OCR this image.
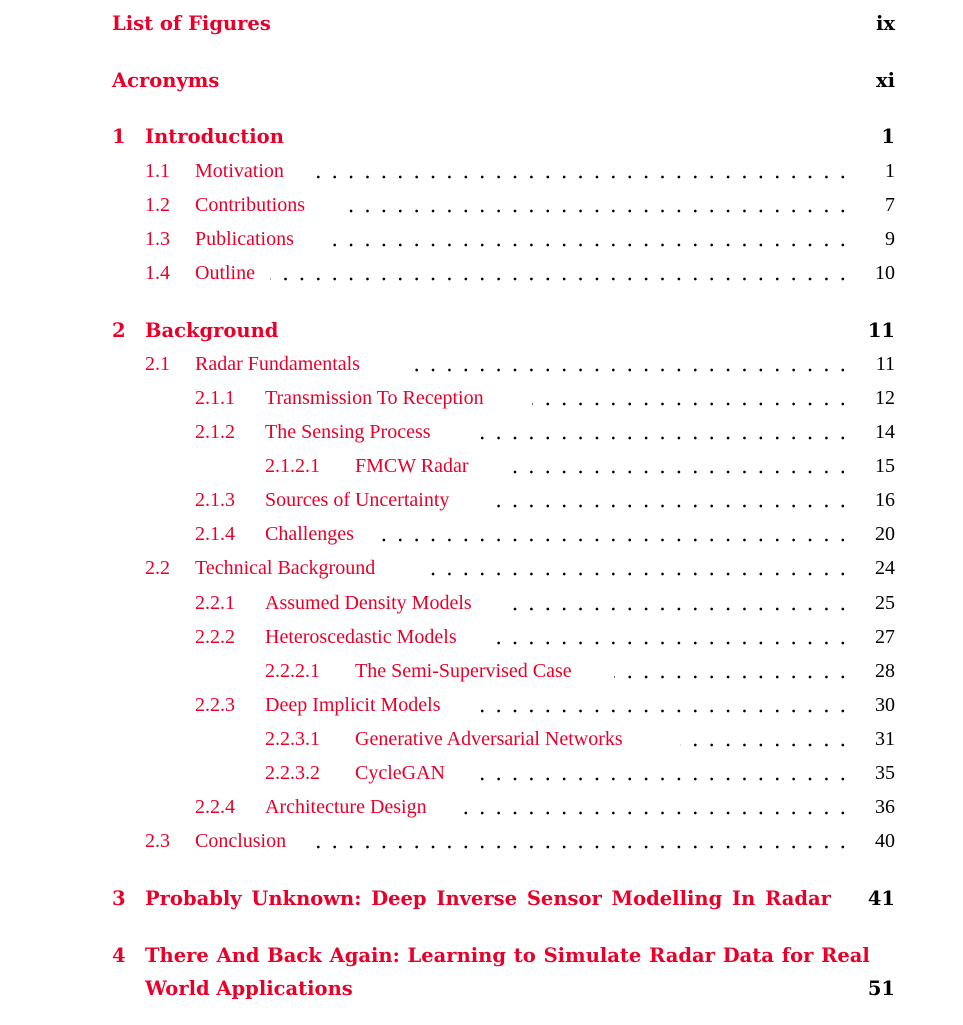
List of Figures	ix
Acronyms	xi
1 Introduction	1
1.1 Motivation	1
1.2 Contributions	7
1.3 Publications	9
1.4 Outline	10
2 Background	11
2.1 Radar Fundamentals	11
2.1.1 Transmission To Reception	12
2.1.2 The Sensing Process	14
2.1.2.1 FMCW Radar	15
2.1.3 Sources of Uncertainty	16
2.1.4 Challenges	20
2.2 Technical Background	24
2.2.1 Assumed Density Models	25
2.2.2 Heteroscedastic Models	27
2.2.2.1 The Semi-Supervised Case	28
2.2.3 Deep Implicit Models	30
2.2.3.1 Generative Adversarial Networks	31
2.2.3.2 CycleGAN	35
2.2.4 Architecture Design	36
2.3 Conclusion	40
3 Probably Unknown: Deep Inverse Sensor Modelling In Radar 41
4 There And Back Again: Learning to Simulate Radar Data for Real
World Applications	51
